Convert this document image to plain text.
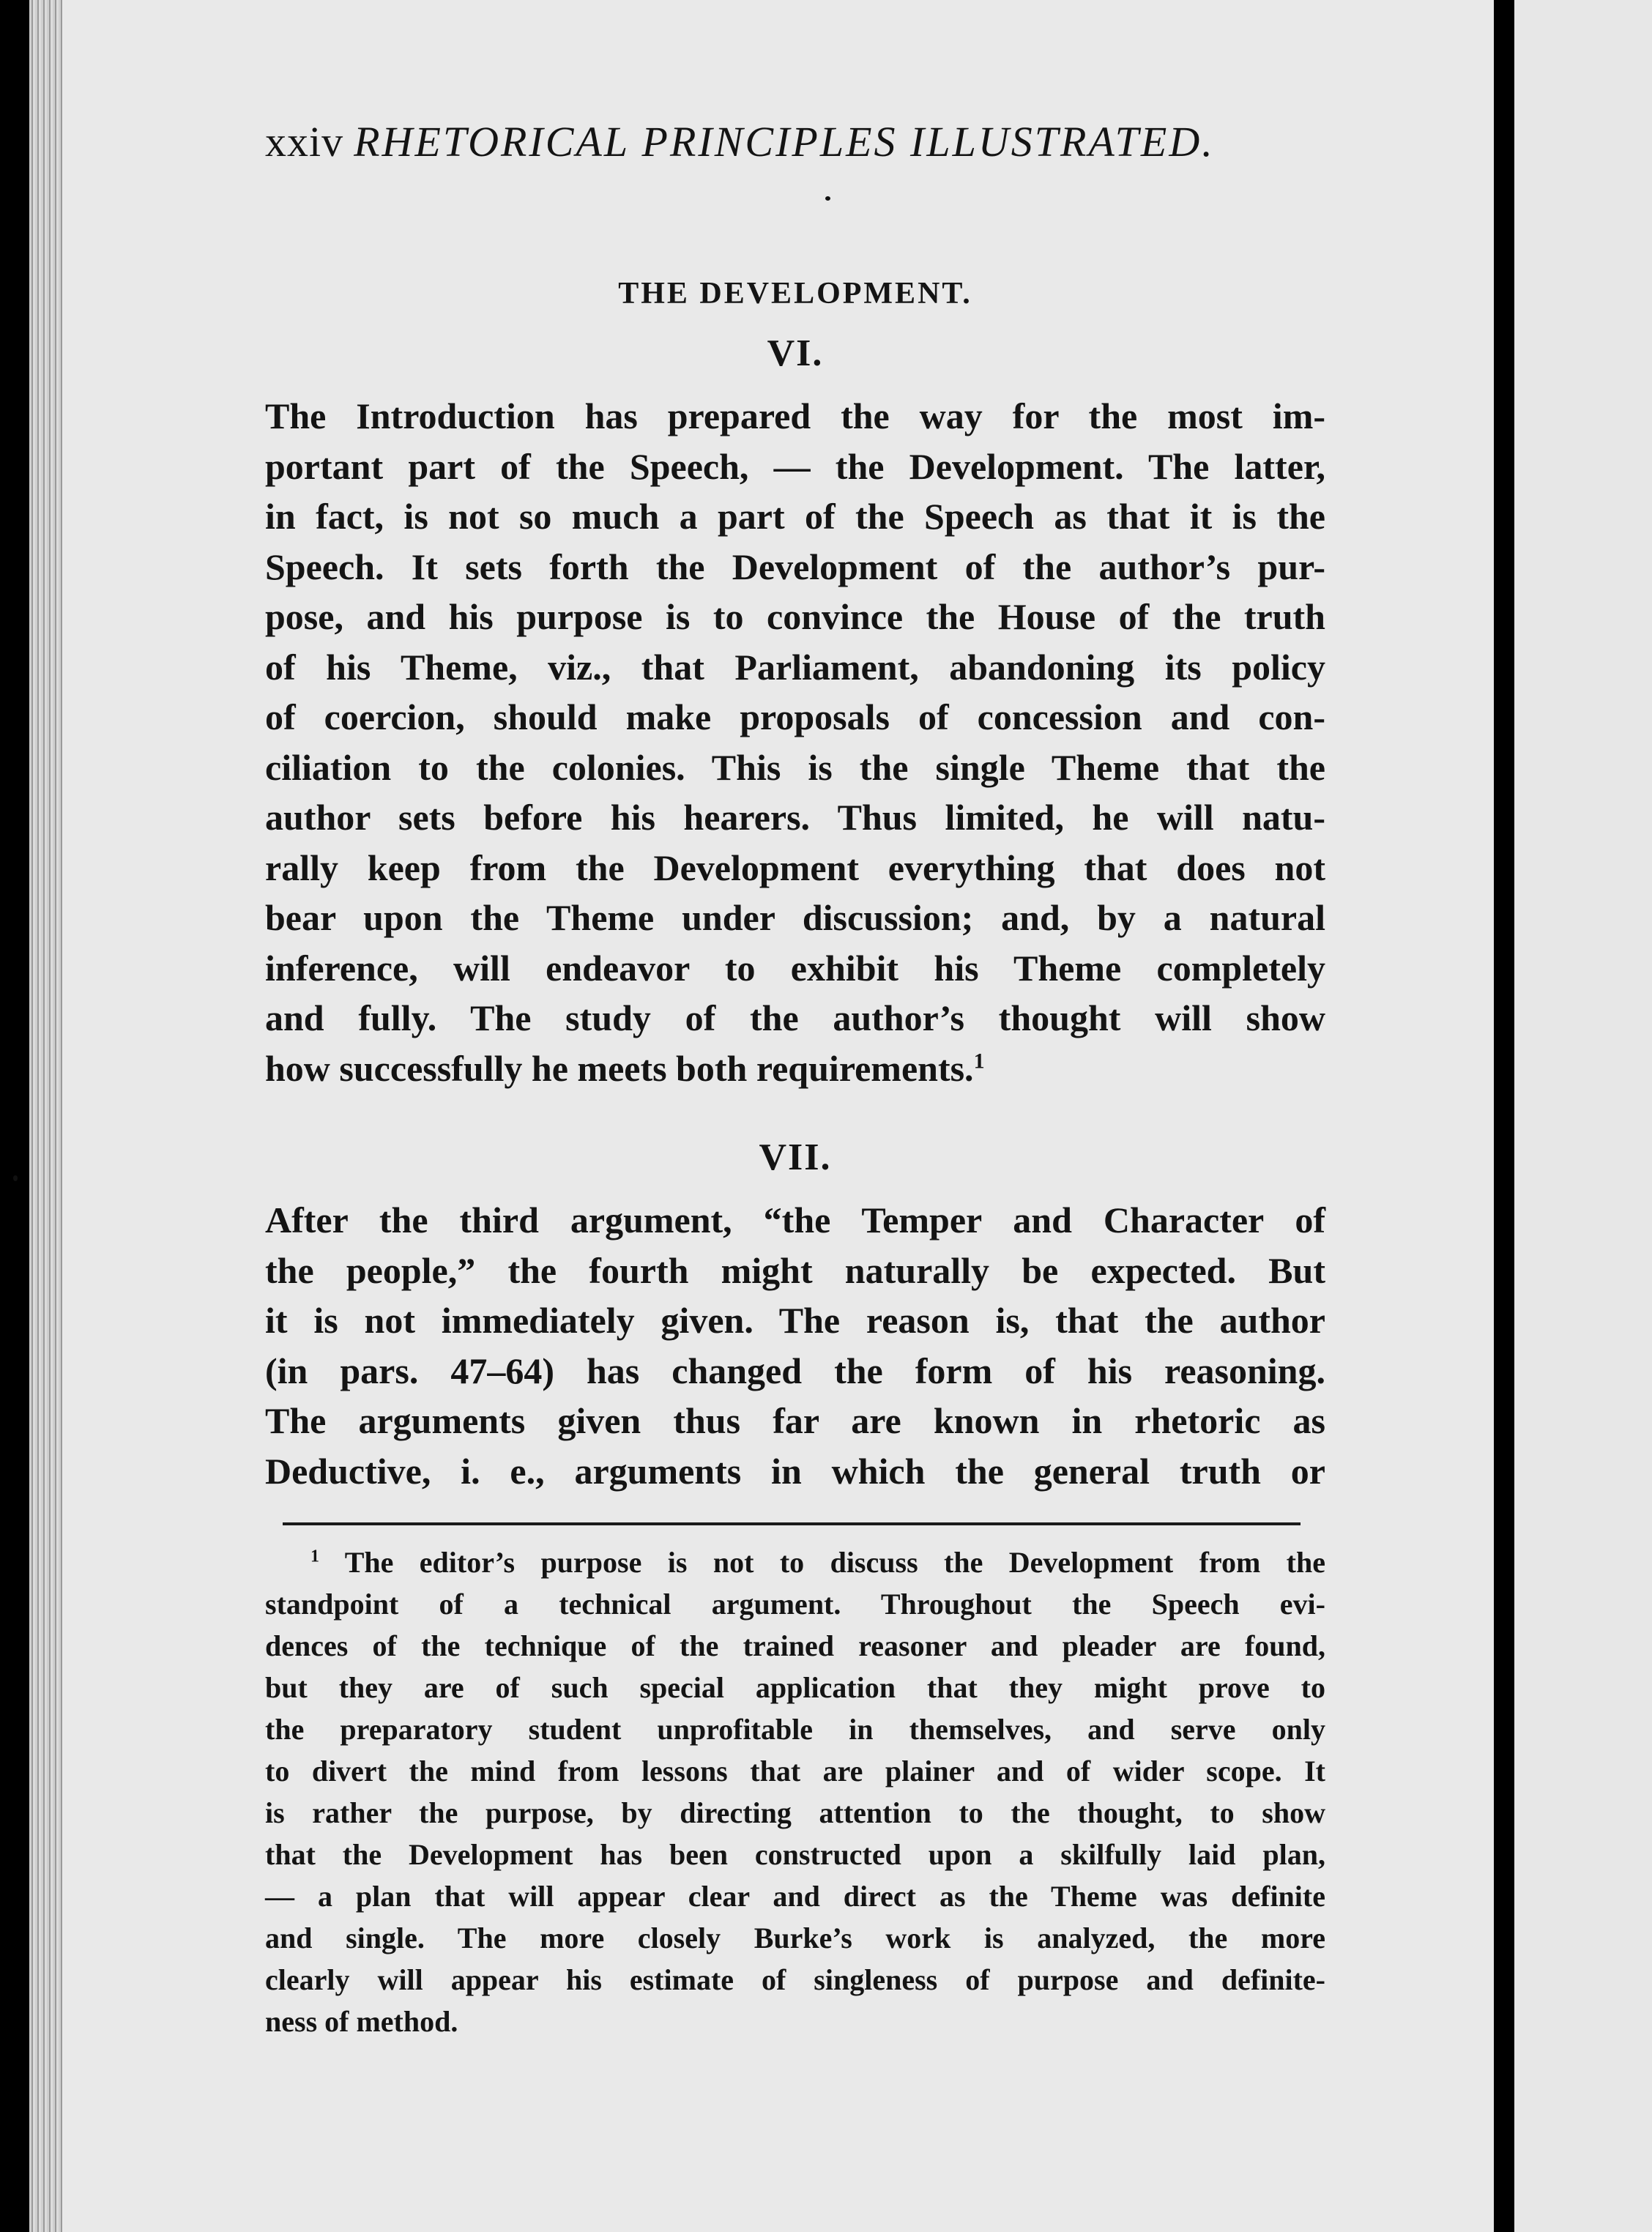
xxiv RHETORICAL PRINCIPLES ILLUSTRATED.

THE DEVELOPMENT.

VI.

The Introduction has prepared the way for the most im-
portant part of the Speech, — the Development. The latter,
in fact, is not so much a part of the Speech as that it is the
Speech. It sets forth the Development of the author’s pur-
pose, and his purpose is to convince the House of the truth
of his Theme, viz., that Parliament, abandoning its policy
of coercion, should make proposals of concession and con-
ciliation to the colonies. This is the single Theme that the
author sets before his hearers. Thus limited, he will natu-
rally keep from the Development everything that does not
bear upon the Theme under discussion; and, by a natural
inference, will endeavor to exhibit his Theme completely
and fully. The study of the author’s thought will show
how successfully he meets both requirements.$^1$

VII.

After the third argument, “the Temper and Character of
the people,” the fourth might naturally be expected. But
it is not immediately given. The reason is, that the author
(in pars. 47–64) has changed the form of his reasoning.
The arguments given thus far are known in rhetoric as
Deductive, i. e., arguments in which the general truth or
$^1$ The editor’s purpose is not to discuss the Development from the
standpoint of a technical argument. Throughout the Speech evi-
dences of the technique of the trained reasoner and pleader are found,
but they are of such special application that they might prove to
the preparatory student unprofitable in themselves, and serve only
to divert the mind from lessons that are plainer and of wider scope. It
is rather the purpose, by directing attention to the thought, to show
that the Development has been constructed upon a skilfully laid plan,
— a plan that will appear clear and direct as the Theme was definite
and single. The more closely Burke’s work is analyzed, the more
clearly will appear his estimate of singleness of purpose and definite-
ness of method.
